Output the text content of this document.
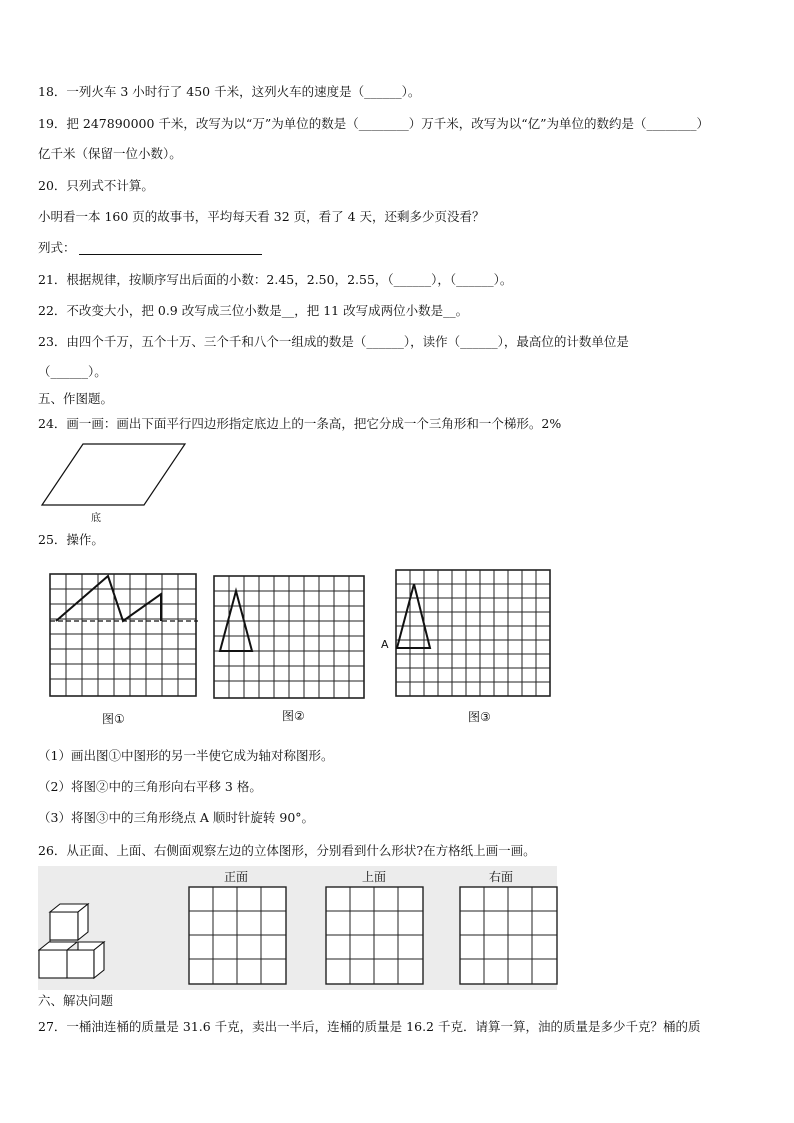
18．一列火车 3 小时行了 450 千米，这列火车的速度是（______）。
19．把 247890000 千米，改写为以“万”为单位的数是（________）万千米，改写为以“亿”为单位的数约是（________）
亿千米（保留一位小数）。
20．只列式不计算。
小明看一本 160 页的故事书，平均每天看 32 页，看了 4 天，还剩多少页没看？
列式：
21．根据规律，按顺序写出后面的小数：2.45，2.50，2.55，（______），（______）。
22．不改变大小，把 0.9 改写成三位小数是__，把 11 改写成两位小数是__。
23．由四个千万，五个十万、三个千和八个一组成的数是（______），读作（______），最高位的计数单位是
（______）。
五、作图题。
24．画一画：画出下面平行四边形指定底边上的一条高，把它分成一个三角形和一个梯形。2%
底
25．操作。
图①	图②
A
图③
（1）画出图①中图形的另一半使它成为轴对称图形。
（2）将图②中的三角形向右平移 3 格。
（3）将图③中的三角形绕点 A 顺时针旋转 90°。
26．从正面、上面、右侧面观察左边的立体图形，分别看到什么形状?在方格纸上画一画。
正面	上面	右面
六、解决问题
27．一桶油连桶的质量是 31.6 千克，卖出一半后，连桶的质量是 16.2 千克．请算一算，油的质量是多少千克？桶的质
